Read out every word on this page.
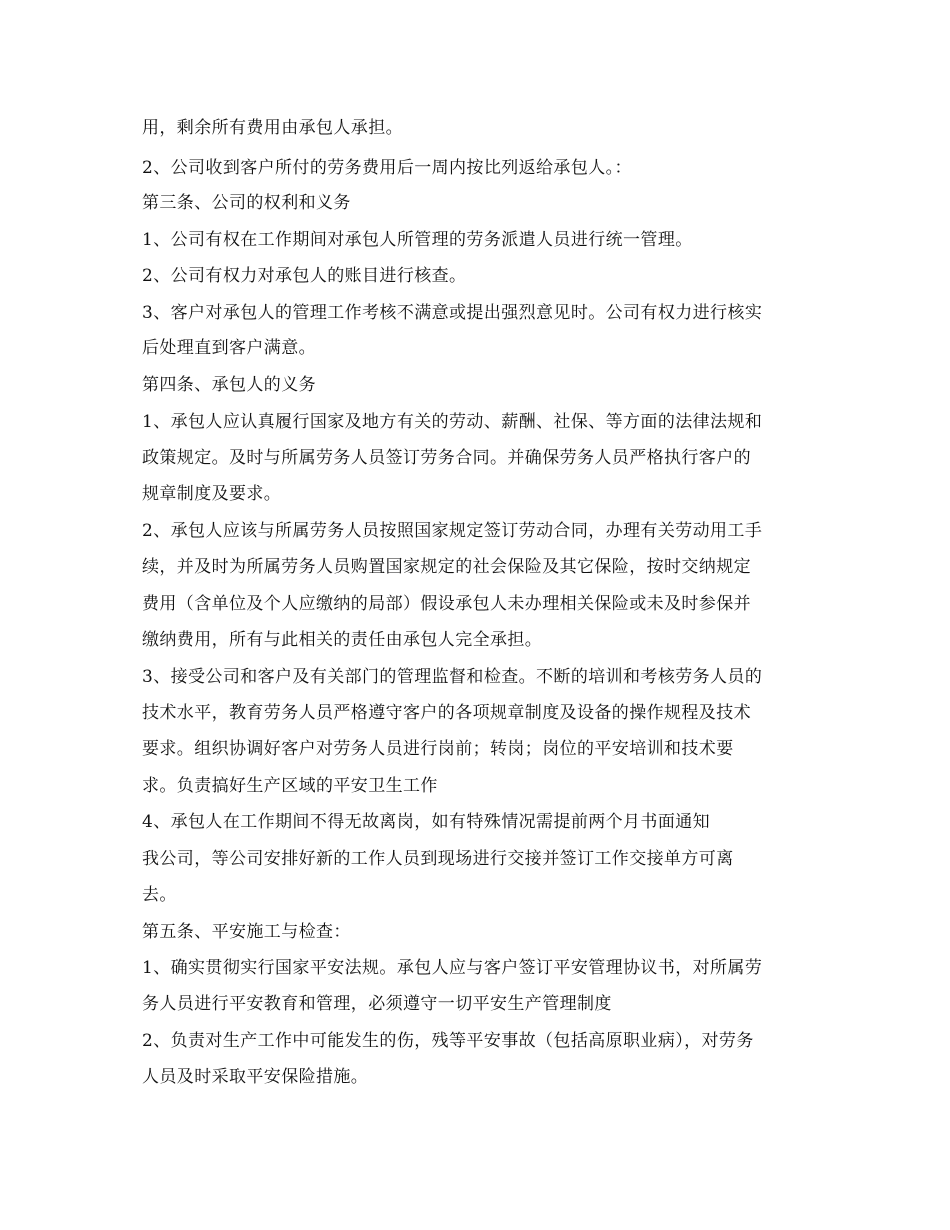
用，剩余所有费用由承包人承担。

2、公司收到客户所付的劳务费用后一周内按比列返给承包人。：

第三条、公司的权利和义务

1、公司有权在工作期间对承包人所管理的劳务派遣人员进行统一管理。

2、公司有权力对承包人的账目进行核查。

3、客户对承包人的管理工作考核不满意或提出强烈意见时。公司有权力进行核实

后处理直到客户满意。

第四条、承包人的义务

1、承包人应认真履行国家及地方有关的劳动、薪酬、社保、等方面的法律法规和

政策规定。及时与所属劳务人员签订劳务合同。并确保劳务人员严格执行客户的

规章制度及要求。

2、承包人应该与所属劳务人员按照国家规定签订劳动合同，办理有关劳动用工手

续，并及时为所属劳务人员购置国家规定的社会保险及其它保险，按时交纳规定

费用（含单位及个人应缴纳的局部）假设承包人未办理相关保险或未及时参保并

缴纳费用，所有与此相关的责任由承包人完全承担。

3、接受公司和客户及有关部门的管理监督和检查。不断的培训和考核劳务人员的

技术水平，教育劳务人员严格遵守客户的各项规章制度及设备的操作规程及技术

要求。组织协调好客户对劳务人员进行岗前；转岗；岗位的平安培训和技术要

求。负责搞好生产区域的平安卫生工作

4、承包人在工作期间不得无故离岗，如有特殊情况需提前两个月书面通知

我公司，等公司安排好新的工作人员到现场进行交接并签订工作交接单方可离

去。

第五条、平安施工与检查：

1、确实贯彻实行国家平安法规。承包人应与客户签订平安管理协议书，对所属劳

务人员进行平安教育和管理，必须遵守一切平安生产管理制度

2、负责对生产工作中可能发生的伤，残等平安事故（包括高原职业病），对劳务

人员及时采取平安保险措施。
